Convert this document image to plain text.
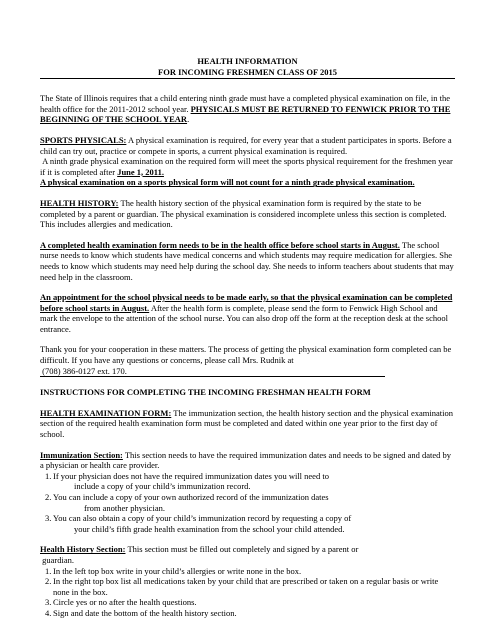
HEALTH INFORMATION
FOR INCOMING FRESHMEN CLASS OF 2015

The State of Illinois requires that a child entering ninth grade must have a completed physical examination on file, in the health office for the 2011-2012 school year. PHYSICALS MUST BE RETURNED TO FENWICK PRIOR TO THE BEGINNING OF THE SCHOOL YEAR.

SPORTS PHYSICALS: A physical examination is required, for every year that a student participates in sports. Before a child can try out, practice or compete in sports, a current physical examination is required.

A ninth grade physical examination on the required form will meet the sports physical requirement for the freshmen year if it is completed after June 1, 2011.

A physical examination on a sports physical form will not count for a ninth grade physical examination.

HEALTH HISTORY: The health history section of the physical examination form is required by the state to be completed by a parent or guardian. The physical examination is considered incomplete unless this section is completed. This includes allergies and medication.

A completed health examination form needs to be in the health office before school starts in August. The school nurse needs to know which students have medical concerns and which students may require medication for allergies. She needs to know which students may need help during the school day. She needs to inform teachers about students that may need help in the classroom.

An appointment for the school physical needs to be made early, so that the physical examination can be completed before school starts in August. After the health form is complete, please send the form to Fenwick High School and mark the envelope to the attention of the school nurse. You can also drop off the form at the reception desk at the school entrance.

Thank you for your cooperation in these matters. The process of getting the physical examination form completed can be difficult. If you have any questions or concerns, please call Mrs. Rudnik at

(708) 386-0127 ext. 170.

INSTRUCTIONS FOR COMPLETING THE INCOMING FRESHMAN HEALTH FORM

HEALTH EXAMINATION FORM: The immunization section, the health history section and the physical examination section of the required health examination form must be completed and dated within one year prior to the first day of school.

Immunization Section: This section needs to have the required immunization dates and needs to be signed and dated by a physician or health care provider.

1. If your physician does not have the required immunization dates you will need to
include a copy of your child’s immunization record.
2. You can include a copy of your own authorized record of the immunization dates
from another physician.
3. You can also obtain a copy of your child’s immunization record by requesting a copy of
your child’s fifth grade health examination from the school your child attended.

Health History Section: This section must be filled out completely and signed by a parent or

guardian.

1. In the left top box write in your child’s allergies or write none in the box.
2. In the right top box list all medications taken by your child that are prescribed or taken on a regular basis or write none in the box.
3. Circle yes or no after the health questions.
4. Sign and date the bottom of the health history section.
